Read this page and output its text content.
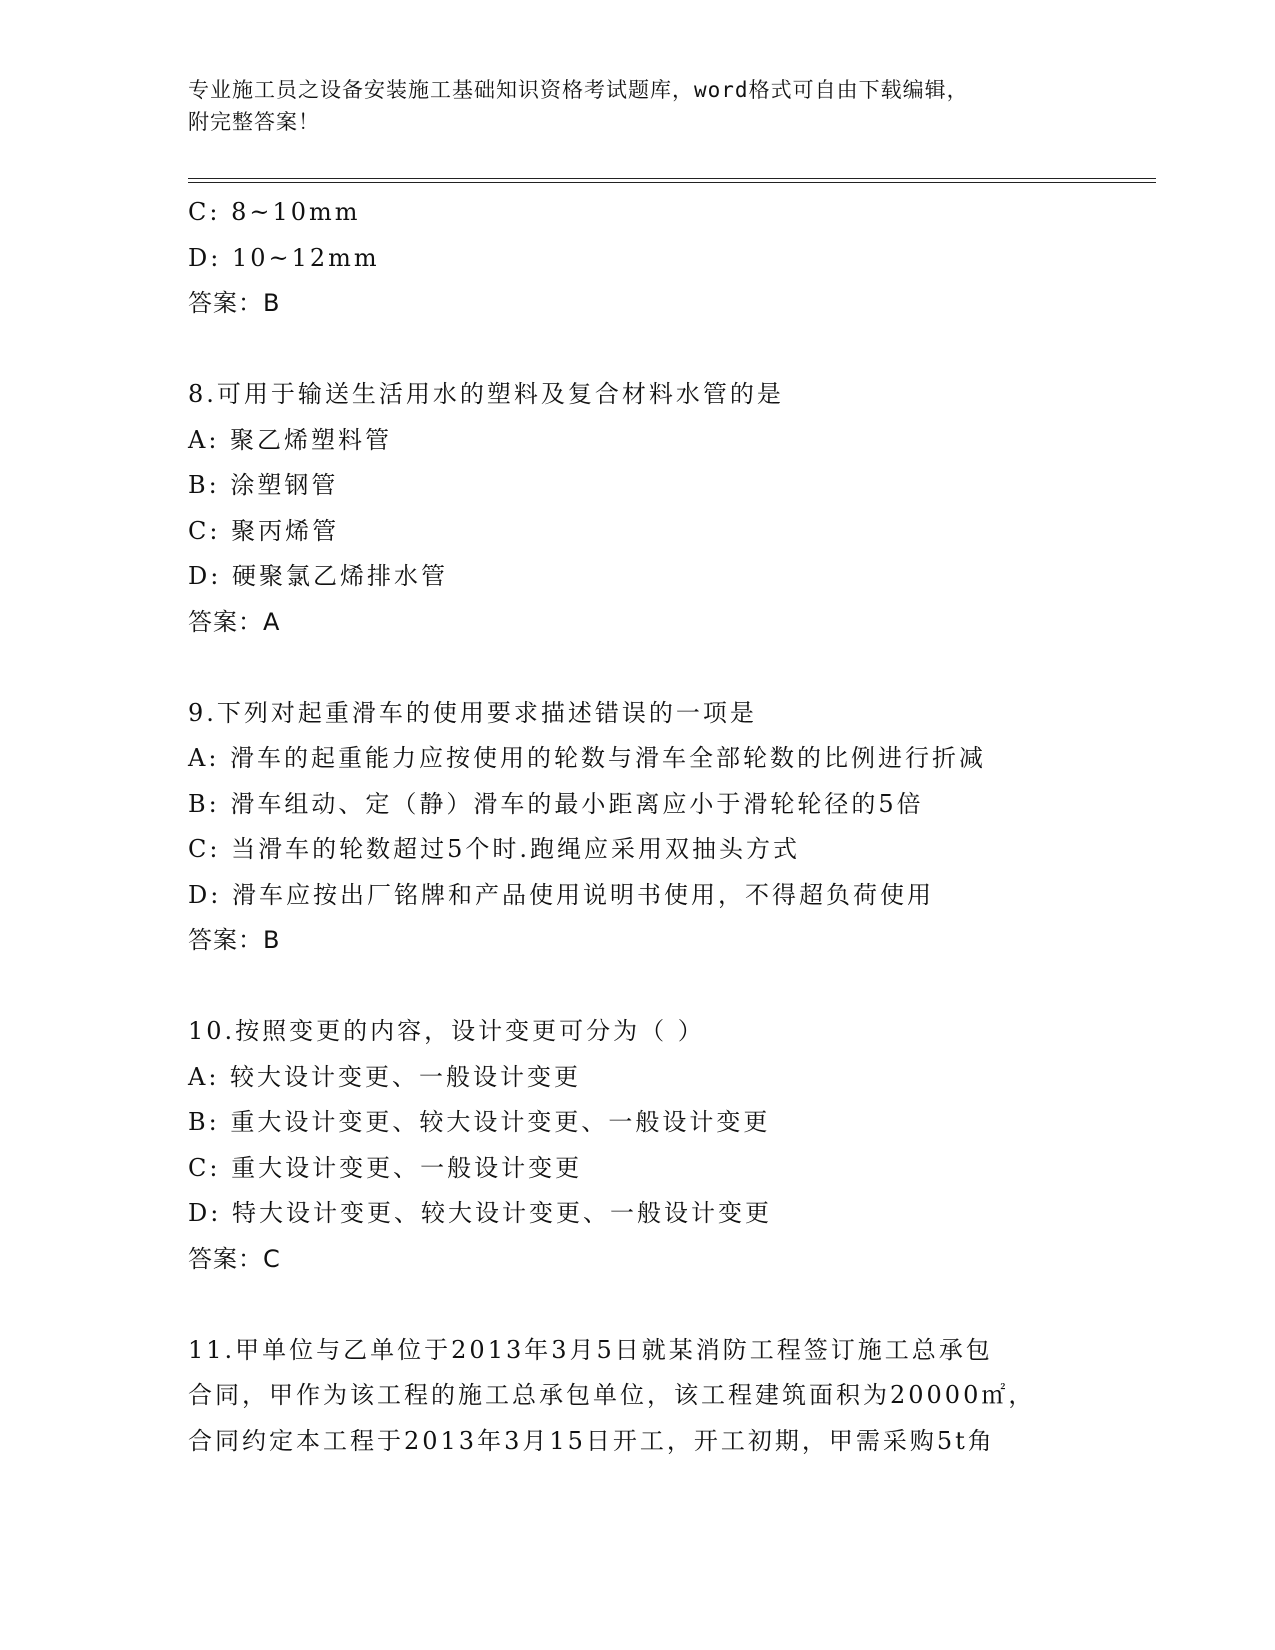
专业施工员之设备安装施工基础知识资格考试题库，word格式可自由下载编辑，
附完整答案！
C: 8~10mm
D: 10~12mm
答案：B
8.可用于输送生活用水的塑料及复合材料水管的是
A: 聚乙烯塑料管
B: 涂塑钢管
C: 聚丙烯管
D: 硬聚氯乙烯排水管
答案：A
9.下列对起重滑车的使用要求描述错误的一项是
A: 滑车的起重能力应按使用的轮数与滑车全部轮数的比例进行折减
B: 滑车组动、定（静）滑车的最小距离应小于滑轮轮径的5倍
C: 当滑车的轮数超过5个时.跑绳应采用双抽头方式
D: 滑车应按出厂铭牌和产品使用说明书使用，不得超负荷使用
答案：B
10.按照变更的内容，设计变更可分为（ ）
A: 较大设计变更、一般设计变更
B: 重大设计变更、较大设计变更、一般设计变更
C: 重大设计变更、一般设计变更
D: 特大设计变更、较大设计变更、一般设计变更
答案：C
11.甲单位与乙单位于2013年3月5日就某消防工程签订施工总承包
合同，甲作为该工程的施工总承包单位，该工程建筑面积为20000㎡，
合同约定本工程于2013年3月15日开工，开工初期，甲需采购5t角
